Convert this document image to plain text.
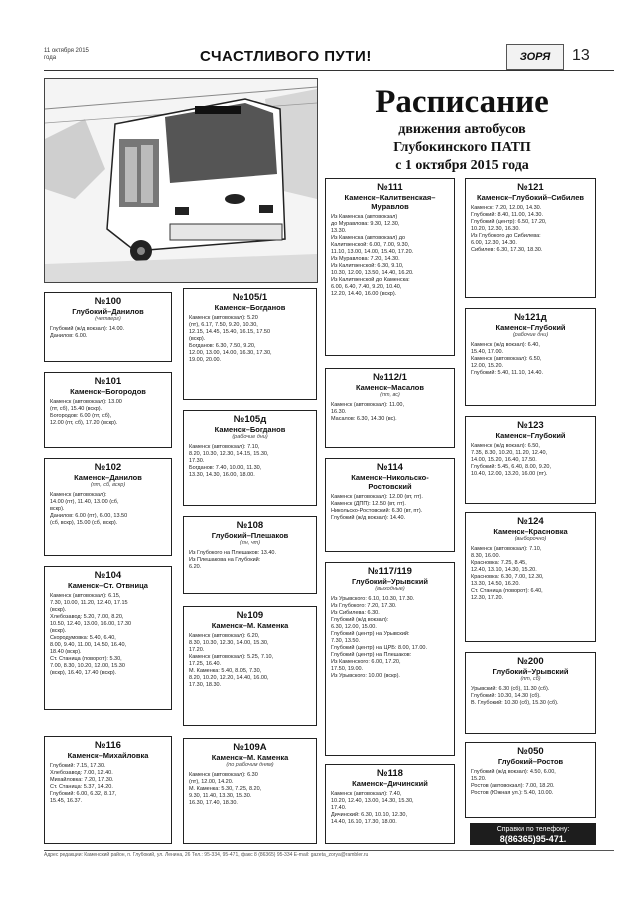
11 октября 2015 года	СЧАСТЛИВОГО ПУТИ!	ЗОРЯ	13
Расписание
движения автобусов
Глубокинского ПАТП
с 1 октября 2015 года
№100
Глубокий–Данилов
(четверг)
Глубокий (ж/д вокзал): 14.00.
Данилов: 6.00.
№101
Каменск–Богородов
Каменск (автовокзал): 13.00
(пт, сб), 15.40 (вскр).
Богородов: 6.00 (пт, сб),
12.00 (пт, сб), 17.20 (вскр).
№102
Каменск–Данилов
(пт, сб, вскр)
Каменск (автовокзал):
14.00 (пт), 11.40, 13.00 (сб,
вскр).
Данилов: 6.00 (пт), 6.00, 13.50
(сб, вскр), 15.00 (сб, вскр).
№104
Каменск–Ст. Отвница
Каменск (автовокзал): 6.15,
7.30, 10.00, 11.20, 12.40, 17.15
(вскр).
Хлебозавод: 5.20, 7.00, 8.20,
10.50, 12.40, 13.00, 16.00, 17.30
(вскр).
Скородумовка: 5.40, 6.40,
8.00, 9.40, 11.00, 14.50, 16.40,
18.40 (вскр).
Ст. Станица (поворот): 5.30,
7.00, 8.30, 10.20, 12.00, 15.30
(вскр), 16.40, 17.40 (вскр).
№116
Каменск–Михайловка
Глубокий: 7.15, 17.30.
Хлебозавод: 7.00, 12.40.
Михайловка: 7.20, 17.30.
Ст. Станица: 5.37, 14.20.
Глубокий: 6.00, 6.32, 8.17,
15.45, 16.37.
№105/1
Каменск–Богданов
Каменск (автовокзал): 5.20
(пт), 6.17, 7.50, 9.20, 10.30,
12.15, 14.45, 15.40, 16.15, 17.50
(вскр).
Богданов: 6.30, 7.50, 9.20,
12.00, 13.00, 14.00, 16.30, 17.30,
19.00, 20.00.
№105д
Каменск–Богданов
(рабочие дни)
Каменск (автовокзал): 7.10,
8.20, 10.30, 12.30, 14.15, 15.30,
17.30.
Богданов: 7.40, 10.00, 11.30,
13.30, 14.30, 16.00, 18.00.
№108
Глубокий–Плешаков
(пн, чт)
Из Глубокого на Плешаков: 13.40.
Из Плешакова на Глубокий:
6.20.
№109
Каменск–М. Каменка
Каменск (автовокзал): 6.20,
8.30, 10.30, 12.30, 14.00, 15.30,
17.20.
Каменск (автовокзал): 5.25, 7.10,
17.25, 16.40.
М. Каменка: 5.40, 8.05, 7.30,
8.20, 10.20, 12.20, 14.40, 16.00,
17.30, 18.30.
№109А
Каменск–М. Каменка
(по рабочим дням)
Каменск (автовокзал): 6.30
(пт), 12.00, 14.20.
М. Каменка: 5.30, 7.25, 8.20,
9.30, 11.40, 13.30, 15.30.
16.30, 17.40, 18.30.
№111
Каменск–Калитвенская–Муравлов
Из Каменска (автовокзал)
до Муравлова: 9.30, 12.30,
13.30.
Из Каменска (автовокзал) до
Калитвенской: 6.00, 7.00, 9.30,
11.10, 13.00, 14.00, 15.40, 17.20.
Из Муравлова: 7.20, 14.30.
Из Калитвенской: 6.30, 9.10,
10.30, 12.00, 13.50, 14.40, 16.20.
Из Калитвенской до Каменска:
6.00, 6.40, 7.40, 9.20, 10.40,
12.20, 14.40, 16.00 (вскр).
№112/1
Каменск–Масалов
(пт, вс)
Каменск (автовокзал): 11.00,
16.30.
Масалов: 6.30, 14.30 (вс).
№114
Каменск–Никольско-Ростовский
Каменск (автовокзал): 12.00 (вт, пт).
Каменск (ДПП): 12.50 (вт, пт).
Никольско-Ростовский: 6.30 (вт, пт).
Глубокий (ж/д вокзал): 14.40.
№117/119
Глубокий–Урывский
(выходные)
Из Урывского: 6.10, 10.30, 17.30.
Из Глубокого: 7.20, 17.30.
Из Сибилева: 6.30.
Глубокий (ж/д вокзал):
6.30, 12.00, 15.00.
Глубокий (центр) на Урывский:
7.30, 13.50.
Глубокий (центр) на ЦРБ: 8.00, 17.00.
Глубокий (центр) на Плешаков:
Из Каменского: 6.00, 17.20,
17.50, 19.00.
Из Урывского: 10.00 (вскр).
№118
Каменск–Дичинский
Каменск (автовокзал): 7.40,
10.20, 12.40, 13.00, 14.30, 15.30,
17.40.
Дичинский: 6.30, 10.10, 12.30,
14.40, 16.10, 17.30, 18.00.
№121
Каменск–Глубокий–Сибилев
Каменск: 7.20, 12.00, 14.30.
Глубокий: 8.40, 11.00, 14.30.
Глубокий (центр): 6.50, 17.20,
10.20, 12.30, 16.30.
Из Глубокого до Сибилева:
6.00, 12.30, 14.30.
Сибилев: 6.30, 17.30, 18.30.
№121д
Каменск–Глубокий
(рабочие дни)
Каменск (ж/д вокзал): 6.40,
15.40, 17.00.
Каменск (автовокзал): 6.50,
12.00, 15.20.
Глубокий: 5.40, 11.10, 14.40.
№123
Каменск–Глубокий
Каменск (ж/д вокзал): 6.50,
7.35, 8.30, 10.20, 11.20, 12.40,
14.00, 15.20, 16.40, 17.50.
Глубокий: 5.45, 6.40, 8.00, 9.20,
10.40, 12.00, 13.20, 16.00 (пт).
№124
Каменск–Красновка
(выборочно)
Каменск (автовокзал): 7.10,
8.30, 16.00.
Красновка: 7.25, 8.45,
12.40, 13.10, 14.30, 15.20.
Красновка: 6.30, 7.00, 12.30,
13.30, 14.50, 16.20.
Ст. Станица (поворот): 6.40,
12.30, 17.20.
№200
Глубокий–Урывский
(пт, сб)
Урывский: 6.30 (сб), 11.30 (сб).
Глубокий: 10.30, 14.30 (сб).
В. Глубокий: 10.30 (сб), 15.30 (сб).
№050
Глубокий–Ростов
Глубокий (ж/д вокзал): 4.50, 6.00,
15.20.
Ростов (автовокзал): 7.00, 18.20.
Ростов (Южная ул.): 5.40, 10.00.
Справки по телефону:
8(86365)95-471.
Адрес редакции: Каменский район, п. Глубокий, ул. Ленина, 26 Тел.: 95-334, 95-471, факс 8 (86365) 95-334 E-mail: gazeta_zorya@rambler.ru
